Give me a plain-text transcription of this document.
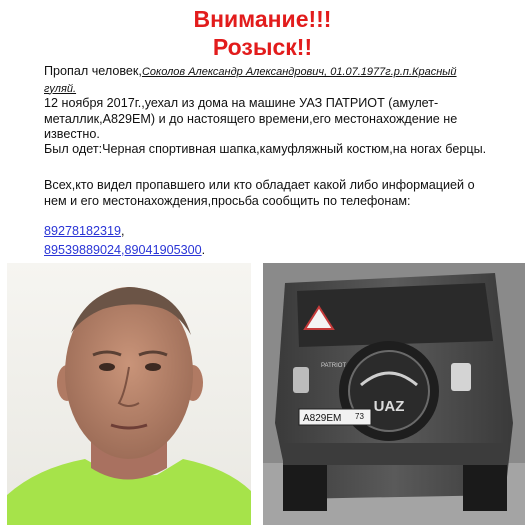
Внимание!!!
Розыск!!
Пропал человек,Соколов Александр Александрович, 01.07.1977г.р.п.Красный гуляй.
12 ноября 2017г.,уехал из дома на машине УАЗ ПАТРИОТ (амулет-металлик,А829ЕМ) и до настоящего времени,его местонахождение не известно.
Был одет:Черная спортивная шапка,камуфляжный костюм,на ногах берцы.
Всех,кто видел пропавшего или кто обладает какой либо информацией о нем и его местонахождения,просьба сообщить по телефонам:
89278182319,
89539889024,89041905300.
UAZ
PATRIOT
А829ЕМ 73
